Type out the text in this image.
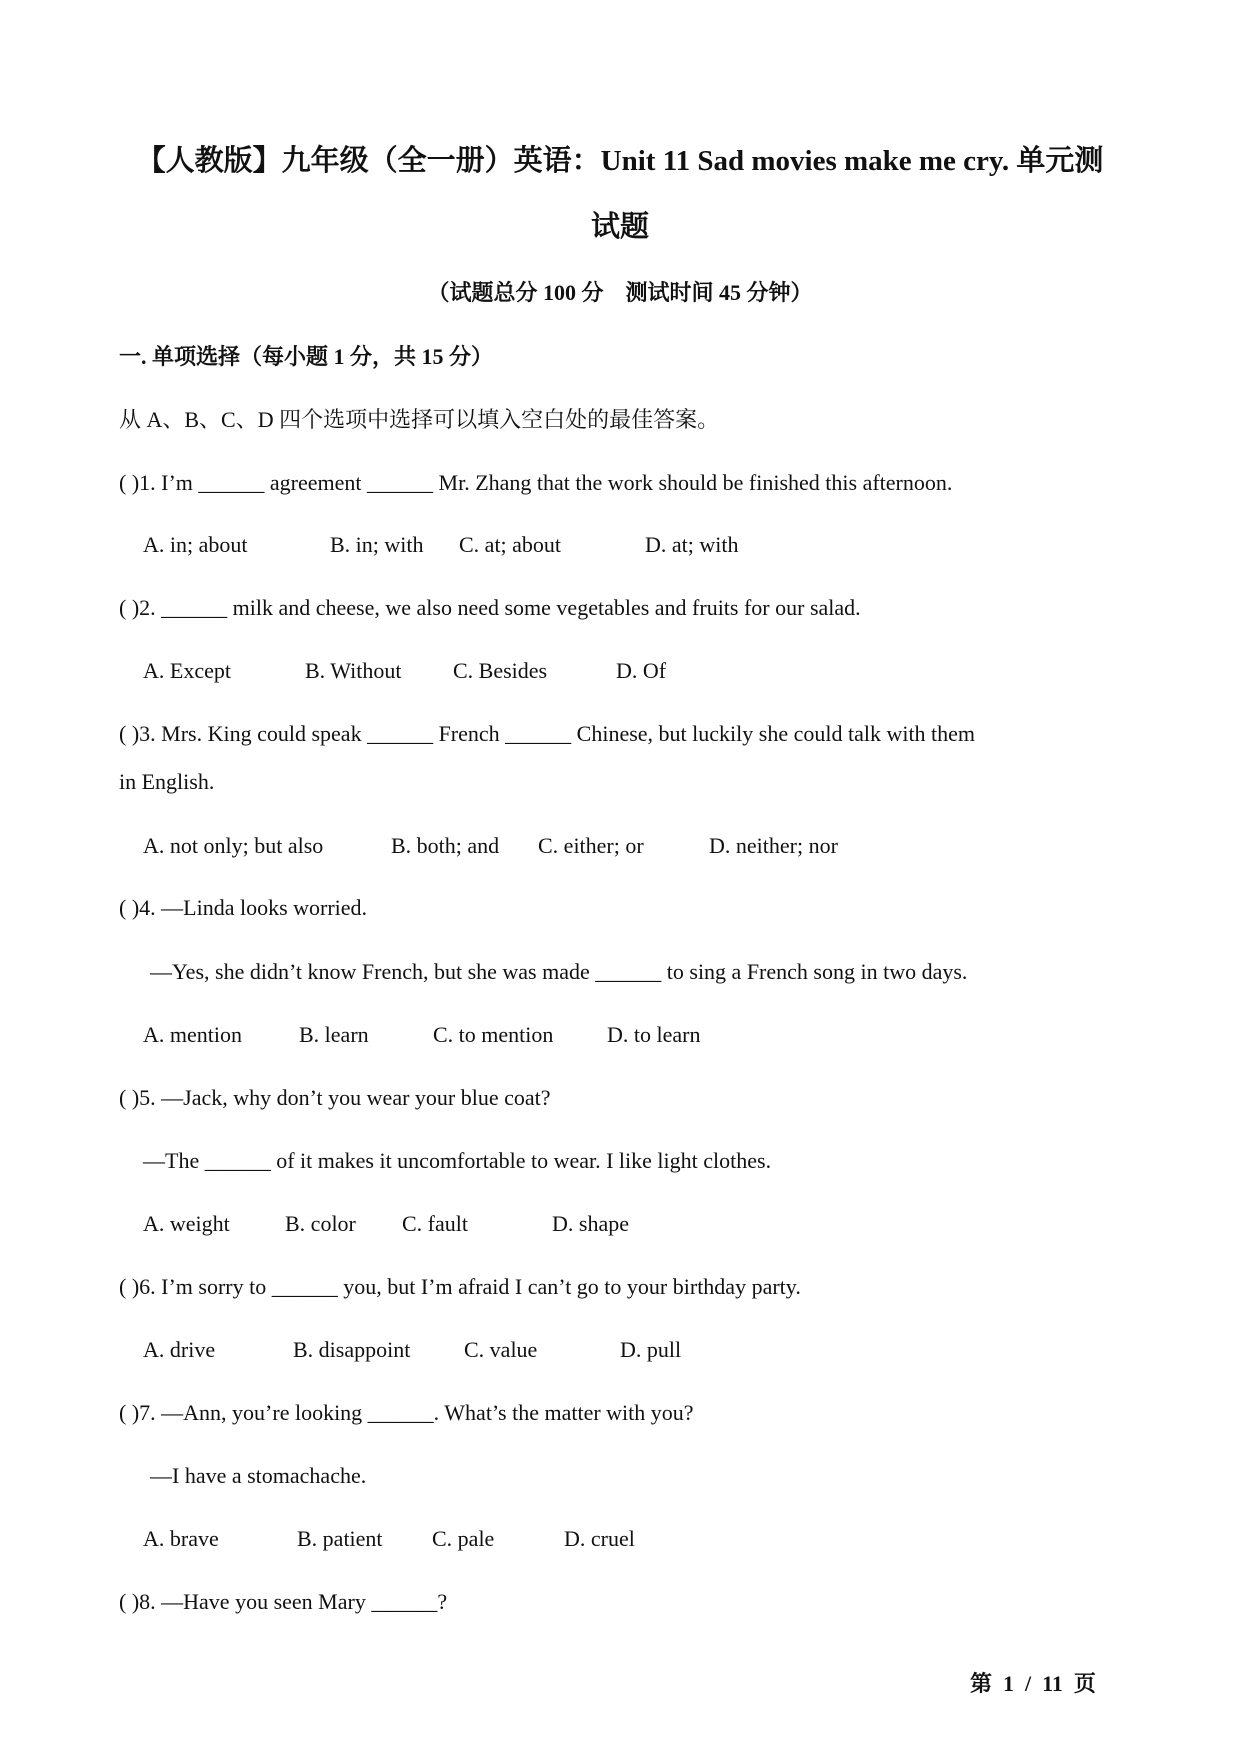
【人教版】九年级（全一册）英语：Unit 11 Sad movies make me cry. 单元测
试题
（试题总分 100 分　测试时间 45 分钟）
一. 单项选择（每小题 1 分，共 15 分）
从 A、B、C、D 四个选项中选择可以填入空白处的最佳答案。
( )1. I’m ______ agreement ______ Mr. Zhang that the work should be finished this afternoon.
A. in; about	B. in; with C. at; about	D. at; with
( )2. ______ milk and cheese, we also need some vegetables and fruits for our salad.
A. Except	B. Without C. Besides	D. Of
( )3. Mrs. King could speak ______ French ______ Chinese, but luckily she could talk with them
in English.
A. not only; but also	B. both; and C. either; or	D. neither; nor
( )4. —Linda looks worried.
—Yes, she didn’t know French, but she was made ______ to sing a French song in two days.
A. mention	B. learn	C. to mention D. to learn
( )5. —Jack, why don’t you wear your blue coat?
—The ______ of it makes it uncomfortable to wear. I like light clothes.
A. weight	B. color C. fault	D. shape
( )6. I’m sorry to ______ you, but I’m afraid I can’t go to your birthday party.
A. drive	B. disappoint C. value	D. pull
( )7. —Ann, you’re looking ______. What’s the matter with you?
—I have a stomachache.
A. brave	B. patient C. pale	D. cruel
( )8. —Have you seen Mary ______?
第  1  /  11  页
